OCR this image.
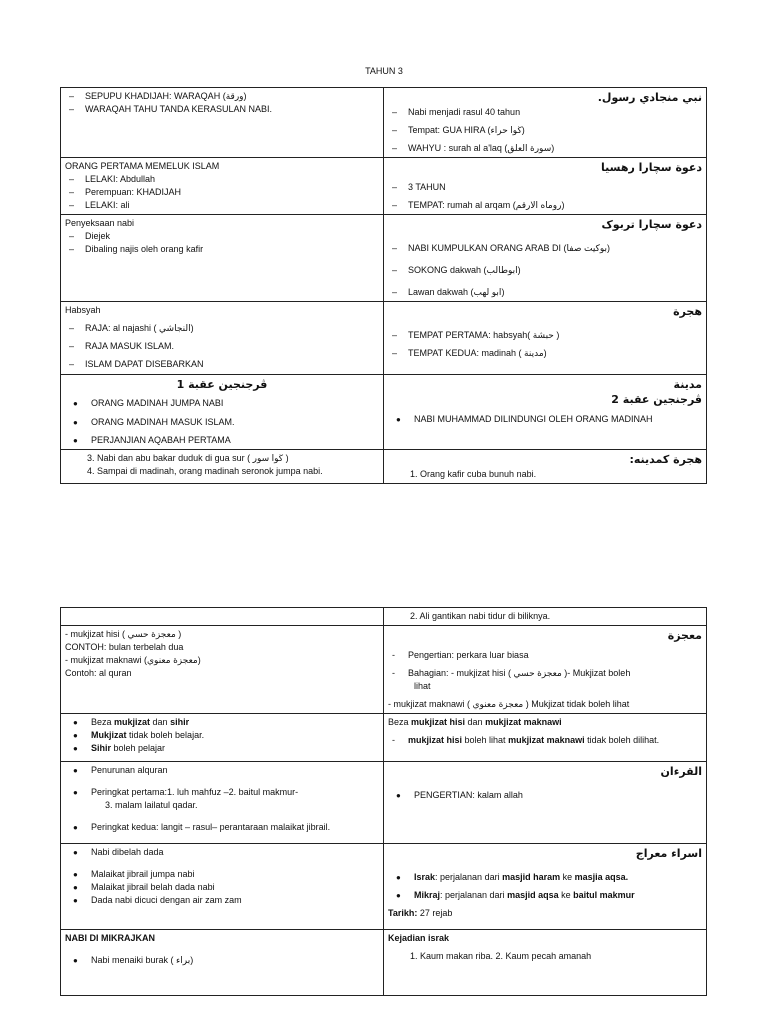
TAHUN 3
– SEPUPU KHADIJAH: WARAQAH (ورقة)
– WARAQAH TAHU TANDA KERASULAN NABI.	نبي منجادي رسول.
– Nabi menjadi rasul 40 tahun
– Tempat: GUA HIRA (ڬوا حراء)
– WAHYU : surah al a'laq (سورة العلق)

ORANG PERTAMA MEMELUK ISLAM
– LELAKI: Abdullah
– Perempuan: KHADIJAH
– LELAKI: ali	دعوة سچارا رهسيا
– 3 TAHUN
– TEMPAT: rumah al arqam (روماه الارقم)

Penyeksaan nabi
– Diejek
– Dibaling najis oleh orang kafir	دعوة سچارا تربوک
– NABI KUMPULKAN ORANG ARAB DI (بوکيت صفا)
– SOKONG dakwah (ابوطالب)
– Lawan dakwah (ابو لهب)

Habsyah
– RAJA: al najashi ( النجاشي)
– RAJA MASUK ISLAM.
– ISLAM DAPAT DISEBARKAN	هجرة
– TEMPAT PERTAMA: habsyah( حبشة )
– TEMPAT KEDUA: madinah ( مدينة)

ڤرجنجين عقبة 1
● ORANG MADINAH JUMPA NABI
● ORANG MADINAH MASUK ISLAM.
● PERJANJIAN AQABAH PERTAMA	مدينة
ڤرجنجين عقبة 2
● NABI MUHAMMAD DILINDUNGI OLEH ORANG MADINAH

3. Nabi dan abu bakar duduk di gua sur ( ڬوا سور )
4. Sampai di madinah, orang madinah seronok jumpa nabi.	هجرة کمدينه:
1. Orang kafir cuba bunuh nabi.

	2. Ali gantikan nabi tidur di biliknya.

- mukjizat hisi ( معجزة حسي )
CONTOH: bulan terbelah dua
- mukjizat maknawi (معجزة معنوي)
Contoh: al quran	معجزة
- Pengertian: perkara luar biasa
- Bahagian: - mukjizat hisi ( معجزة حسي )- Mukjizat boleh
lihat
- mukjizat maknawi ( معجزة معنوي ) Mukjizat tidak boleh lihat

● Beza mukjizat dan sihir
● Mukjizat tidak boleh belajar.
● Sihir boleh pelajar	Beza mukjizat hisi dan mukjizat maknawi
- mukjizat hisi boleh lihat mukjizat maknawi tidak boleh dilihat.

● Penurunan alquran
● Peringkat pertama:1. luh mahfuz –2. baitul makmur-
3. malam lailatul qadar.
● Peringkat kedua: langit – rasul– perantaraan malaikat jibrail.	القرءان
● PENGERTIAN: kalam allah

● Nabi dibelah dada
● Malaikat jibrail jumpa nabi
● Malaikat jibrail belah dada nabi
● Dada nabi dicuci dengan air zam zam	اسراء معراج
● Israk: perjalanan dari masjid haram ke masjia aqsa.
● Mikraj: perjalanan dari masjid aqsa ke baitul makmur
Tarikh: 27 rejab

NABI DI MIKRAJKAN
● Nabi menaiki burak ( براء)	Kejadian israk
1. Kaum makan riba. 2. Kaum pecah amanah
